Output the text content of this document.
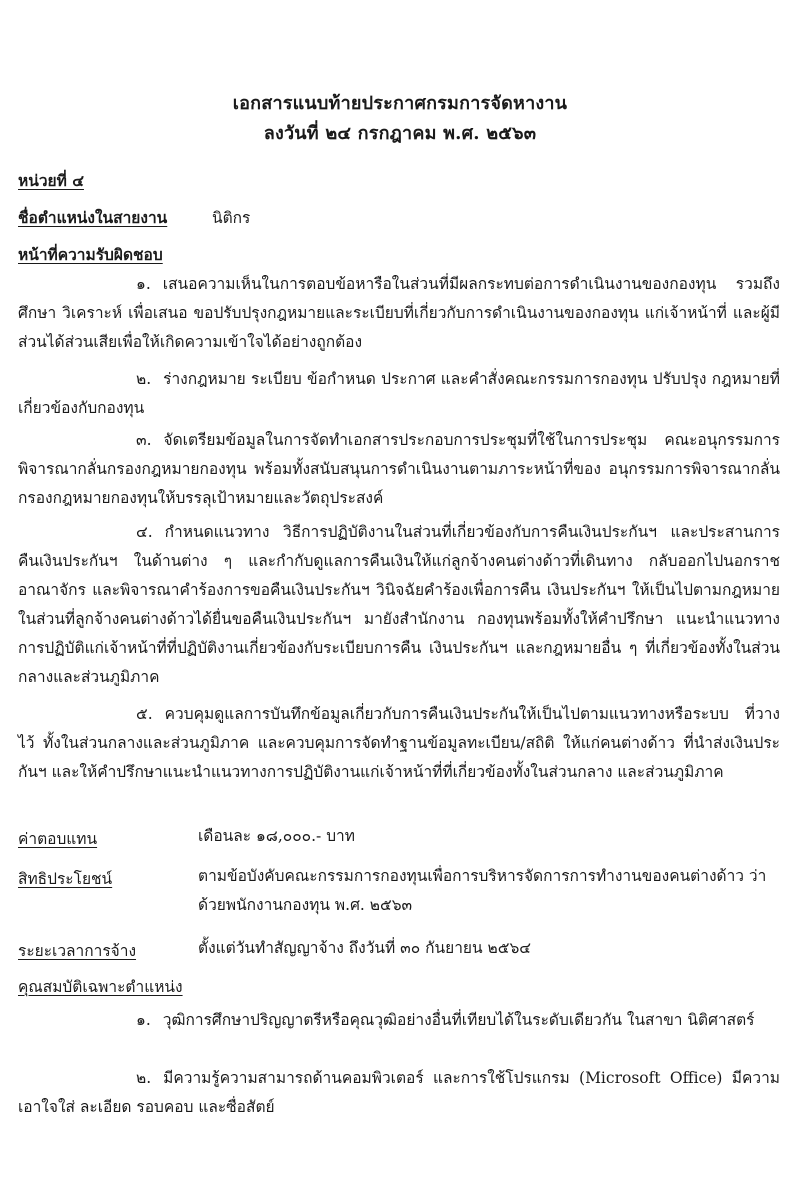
เอกสารแนบท้ายประกาศกรมการจัดหางาน
ลงวันที่ ๒๔ กรกฎาคม พ.ศ. ๒๕๖๓
หน่วยที่ ๔
ชื่อตำแหน่งในสายงาน	นิติกร
หน้าที่ความรับผิดชอบ
๑. เสนอความเห็นในการตอบข้อหารือในส่วนที่มีผลกระทบต่อการดำเนินงานของกองทุน รวมถึงศึกษา วิเคราะห์ เพื่อเสนอ ขอปรับปรุงกฎหมายและระเบียบที่เกี่ยวกับการดำเนินงานของกองทุน แก่เจ้าหน้าที่ และผู้มีส่วนได้ส่วนเสียเพื่อให้เกิดความเข้าใจได้อย่างถูกต้อง
๒. ร่างกฎหมาย ระเบียบ ข้อกำหนด ประกาศ และคำสั่งคณะกรรมการกองทุน ปรับปรุง กฎหมายที่เกี่ยวข้องกับกองทุน
๓. จัดเตรียมข้อมูลในการจัดทำเอกสารประกอบการประชุมที่ใช้ในการประชุม คณะอนุกรรมการพิจารณากลั่นกรองกฎหมายกองทุน พร้อมทั้งสนับสนุนการดำเนินงานตามภาระหน้าที่ของ อนุกรรมการพิจารณากลั่นกรองกฎหมายกองทุนให้บรรลุเป้าหมายและวัตถุประสงค์
๔. กำหนดแนวทาง วิธีการปฏิบัติงานในส่วนที่เกี่ยวข้องกับการคืนเงินประกันฯ และประสานการคืนเงินประกันฯ ในด้านต่าง ๆ และกำกับดูแลการคืนเงินให้แก่ลูกจ้างคนต่างด้าวที่เดินทาง กลับออกไปนอกราชอาณาจักร และพิจารณาคำร้องการขอคืนเงินประกันฯ วินิจฉัยคำร้องเพื่อการคืน เงินประกันฯ ให้เป็นไปตามกฎหมายในส่วนที่ลูกจ้างคนต่างด้าวได้ยื่นขอคืนเงินประกันฯ มายังสำนักงาน กองทุนพร้อมทั้งให้คำปรึกษา แนะนำแนวทางการปฏิบัติแก่เจ้าหน้าที่ที่ปฏิบัติงานเกี่ยวข้องกับระเบียบการคืน เงินประกันฯ และกฎหมายอื่น ๆ ที่เกี่ยวข้องทั้งในส่วนกลางและส่วนภูมิภาค
๕. ควบคุมดูแลการบันทึกข้อมูลเกี่ยวกับการคืนเงินประกันให้เป็นไปตามแนวทางหรือระบบ ที่วางไว้ ทั้งในส่วนกลางและส่วนภูมิภาค และควบคุมการจัดทำฐานข้อมูลทะเบียน/สถิติ ให้แก่คนต่างด้าว ที่นำส่งเงินประกันฯ และให้คำปรึกษาแนะนำแนวทางการปฏิบัติงานแก่เจ้าหน้าที่ที่เกี่ยวข้องทั้งในส่วนกลาง และส่วนภูมิภาค
ค่าตอบแทน	เดือนละ ๑๘,๐๐๐.- บาท
สิทธิประโยชน์	ตามข้อบังคับคณะกรรมการกองทุนเพื่อการบริหารจัดการการทำงานของคนต่างด้าว ว่าด้วยพนักงานกองทุน พ.ศ. ๒๕๖๓
ระยะเวลาการจ้าง	ตั้งแต่วันทำสัญญาจ้าง ถึงวันที่ ๓๐ กันยายน ๒๕๖๔
คุณสมบัติเฉพาะตำแหน่ง
๑. วุฒิการศึกษาปริญญาตรีหรือคุณวุฒิอย่างอื่นที่เทียบได้ในระดับเดียวกัน ในสาขา นิติศาสตร์
๒. มีความรู้ความสามารถด้านคอมพิวเตอร์ และการใช้โปรแกรม (Microsoft Office) มีความเอาใจใส่ ละเอียด รอบคอบ และซื่อสัตย์
